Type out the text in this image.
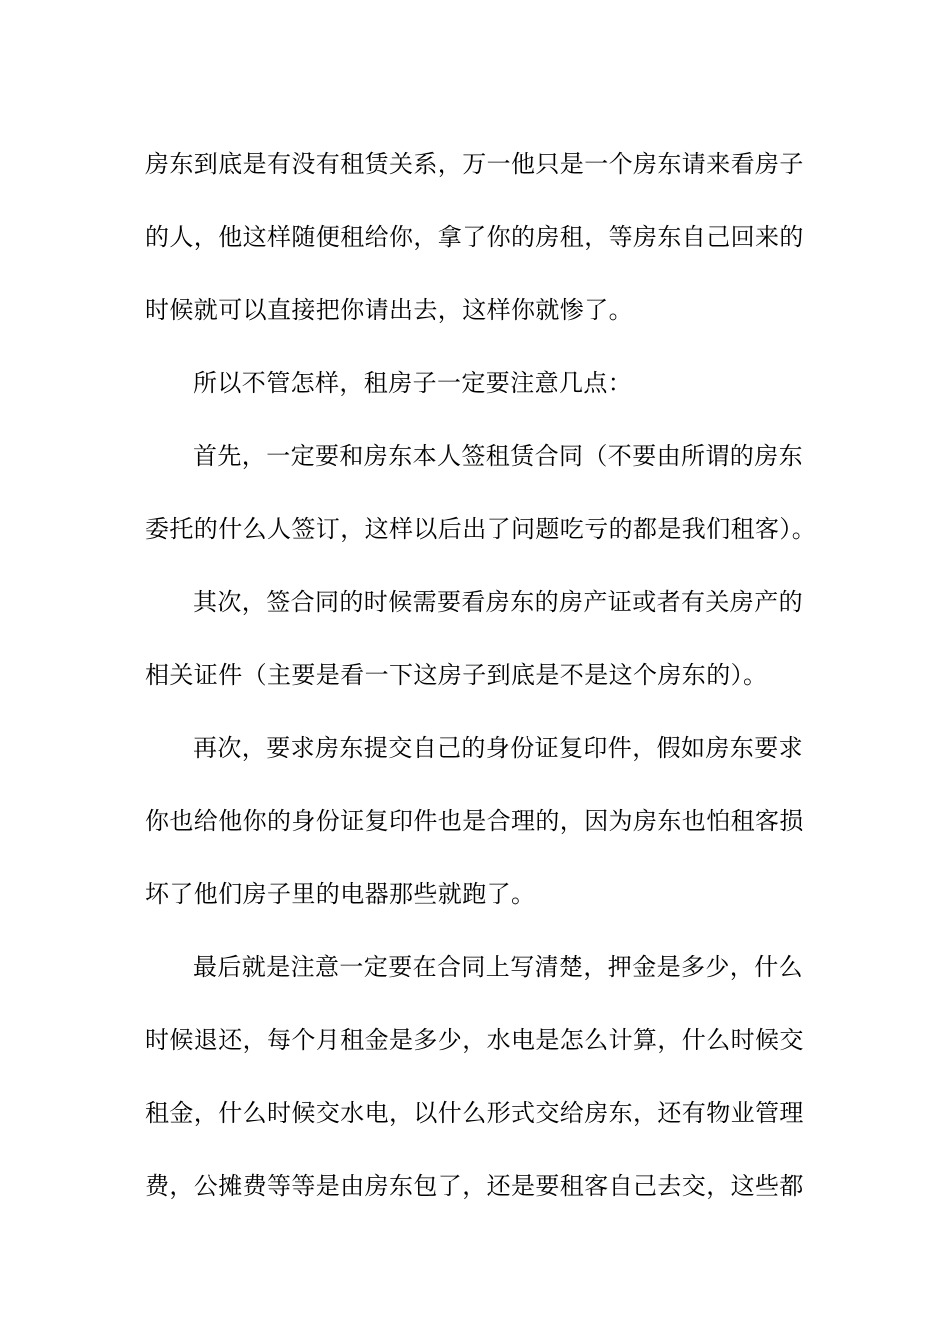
房东到底是有没有租赁关系，万一他只是一个房东请来看房子
的人，他这样随便租给你，拿了你的房租，等房东自己回来的
时候就可以直接把你请出去，这样你就惨了。

所以不管怎样，租房子一定要注意几点：

首先，一定要和房东本人签租赁合同（不要由所谓的房东
委托的什么人签订，这样以后出了问题吃亏的都是我们租客）。

其次，签合同的时候需要看房东的房产证或者有关房产的
相关证件（主要是看一下这房子到底是不是这个房东的）。

再次，要求房东提交自己的身份证复印件，假如房东要求
你也给他你的身份证复印件也是合理的，因为房东也怕租客损
坏了他们房子里的电器那些就跑了。

最后就是注意一定要在合同上写清楚，押金是多少，什么
时候退还，每个月租金是多少，水电是怎么计算，什么时候交
租金，什么时候交水电，以什么形式交给房东，还有物业管理
费，公摊费等等是由房东包了，还是要租客自己去交，这些都
